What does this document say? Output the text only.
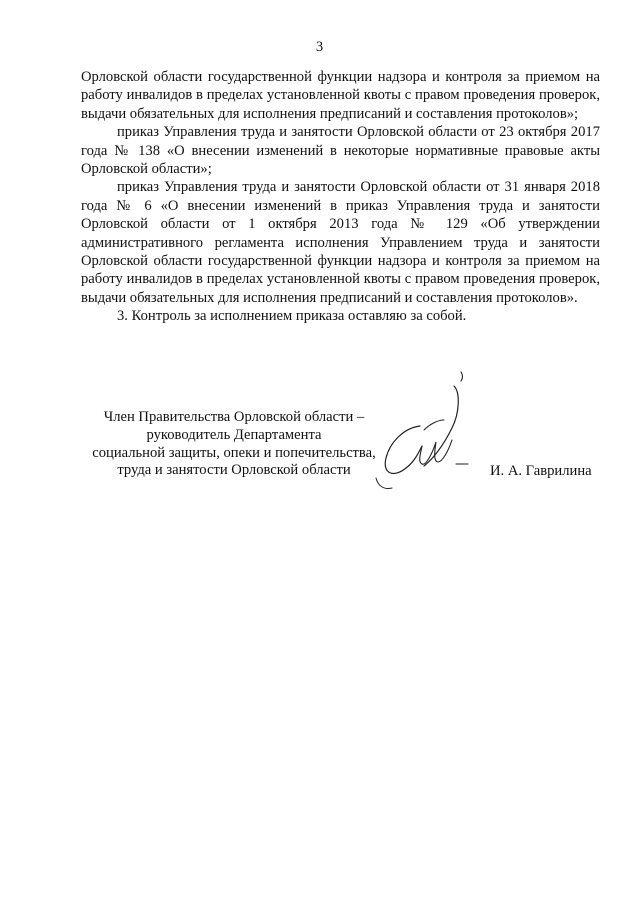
3

Орловской области государственной функции надзора и контроля за приемом на работу инвалидов в пределах установленной квоты с правом проведения проверок, выдачи обязательных для исполнения предписаний и составления протоколов»;

приказ Управления труда и занятости Орловской области от 23 октября 2017 года № 138 «О внесении изменений в некоторые нормативные правовые акты Орловской области»;

приказ Управления труда и занятости Орловской области от 31 января 2018 года № 6 «О внесении изменений в приказ Управления труда и занятости Орловской области от 1 октября 2013 года № 129 «Об утверждении административного регламента исполнения Управлением труда и занятости Орловской области государственной функции надзора и контроля за приемом на работу инвалидов в пределах установленной квоты с правом проведения проверок, выдачи обязательных для исполнения предписаний и составления протоколов».

3. Контроль за исполнением приказа оставляю за собой.

Член Правительства Орловской области –
руководитель Департамента
социальной защиты, опеки и попечительства,
труда и занятости Орловской области	И. А. Гаврилина
